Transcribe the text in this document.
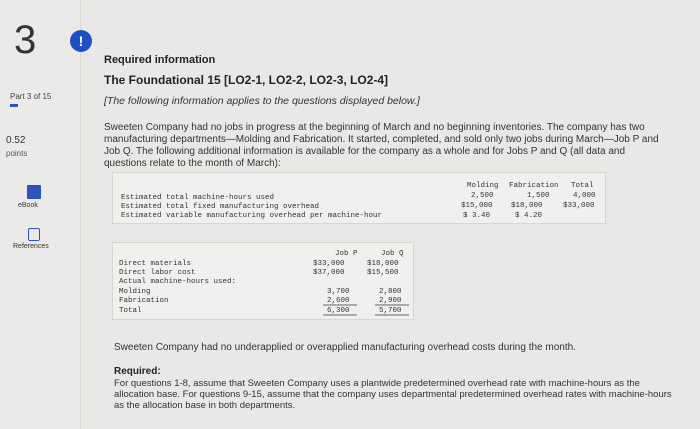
3
Part 3 of 15
0.52
points
eBook
References
!
Required information
The Foundational 15 [LO2-1, LO2-2, LO2-3, LO2-4]
[The following information applies to the questions displayed below.]
Sweeten Company had no jobs in progress at the beginning of March and no beginning inventories. The company has two manufacturing departments—Molding and Fabrication. It started, completed, and sold only two jobs during March—Job P and Job Q. The following additional information is available for the company as a whole and for Jobs P and Q (all data and questions relate to the month of March):
Molding Fabrication Total
Estimated total machine-hours used	2,500	1,500	4,000
Estimated total fixed manufacturing overhead	$15,000 $18,000	$33,000
Estimated variable manufacturing overhead per machine-hour	$ 3.40	$ 4.20
Job P	Job Q
Direct materials	$33,000	$18,000
Direct labor cost	$37,000	$15,500
Actual machine-hours used:
Molding	3,700	2,800
Fabrication	2,600	2,900
Total	6,300	5,700
Sweeten Company had no underapplied or overapplied manufacturing overhead costs during the month.
Required:
For questions 1-8, assume that Sweeten Company uses a plantwide predetermined overhead rate with machine-hours as the allocation base. For questions 9-15, assume that the company uses departmental predetermined overhead rates with machine-hours as the allocation base in both departments.
